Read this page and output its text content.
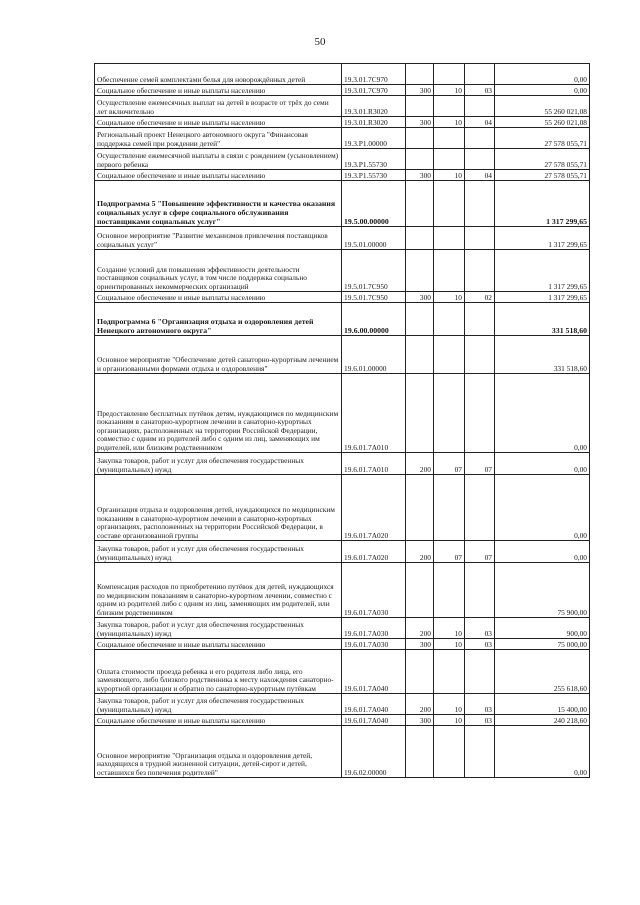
50
Обеспечение семей комплектами белья для новорождённых детей	19.3.01.7С970				0,00
Социальное обеспечение и иные выплаты населению	19.3.01.7С970	300	10	03	0,00
Осуществление ежемесячных выплат на детей в возрасте от трёх до семи лет включительно	19.3.01.R3020				55 260 021,08
Социальное обеспечение и иные выплаты населению	19.3.01.R3020	300	10	04	55 260 021,08
Региональный проект Ненецкого автономного округа "Финансовая поддержка семей при рождении детей"	19.3.Р1.00000				27 578 055,71
Осуществление ежемесячной выплаты в связи с рождением (усыновлением) первого ребенка	19.3.Р1.55730				27 578 055,71
Социальное обеспечение и иные выплаты населению	19.3.Р1.55730	300	10	04	27 578 055,71
Подпрограмма 5 "Повышение эффективности и качества оказания социальных услуг в сфере социального обслуживания поставщиками социальных услуг"	19.5.00.00000				1 317 299,65
Основное мероприятие "Развитие механизмов привлечения поставщиков социальных услуг"	19.5.01.00000				1 317 299,65
Создание условий для повышения эффективности деятельности поставщиков социальных услуг, в том числе поддержка социально ориентированных некоммерческих организаций	19.5.01.7С950				1 317 299,65
Социальное обеспечение и иные выплаты населению	19.5.01.7С950	300	10	02	1 317 299,65
Подпрограмма 6 "Организация отдыха и оздоровления детей Ненецкого автономного округа"	19.6.00.00000				331 518,60
Основное мероприятие "Обеспечение детей санаторно-курортным лечением и организованными формами отдыха и оздоровления"	19.6.01.00000				331 518,60
Предоставление бесплатных путёвок детям, нуждающимся по медицинским показаниям в санаторно-курортном лечении в санаторно-курортных организациях, расположенных на территории Российской Федерации, совместно с одним из родителей либо с одним из лиц, заменяющих им родителей, или близким родственником	19.6.01.7А010				0,00
Закупка товаров, работ и услуг для обеспечения государственных (муниципальных) нужд	19.6.01.7А010	200	07	07	0,00
Организация отдыха и оздоровления детей, нуждающихся по медицинским показаниям в санаторно-курортном лечении в санаторно-курортных организациях, расположенных на территории Российской Федерации, в составе организованной группы	19.6.01.7А020				0,00
Закупка товаров, работ и услуг для обеспечения государственных (муниципальных) нужд	19.6.01.7А020	200	07	07	0,00
Компенсация расходов по приобретению путёвок для детей, нуждающихся по медицинским показаниям в санаторно-курортном лечении, совместно с одним из родителей либо с одним из лиц, заменяющих им родителей, или близким родственником	19.6.01.7А030				75 900,00
Закупка товаров, работ и услуг для обеспечения государственных (муниципальных) нужд	19.6.01.7А030	200	10	03	900,00
Социальное обеспечение и иные выплаты населению	19.6.01.7А030	300	10	03	75 000,00
Оплата стоимости проезда ребенка и его родителя либо лица, его заменяющего, либо близкого родственника к месту нахождения санаторно-курортной организации и обратно по санаторно-курортным путёвкам	19.6.01.7А040				255 618,60
Закупка товаров, работ и услуг для обеспечения государственных (муниципальных) нужд	19.6.01.7А040	200	10	03	15 400,00
Социальное обеспечение и иные выплаты населению	19.6.01.7А040	300	10	03	240 218,60
Основное мероприятие "Организация отдыха и оздоровления детей, находящихся в трудной жизненной ситуации, детей-сирот и детей, оставшихся без попечения родителей"	19.6.02.00000				0,00
